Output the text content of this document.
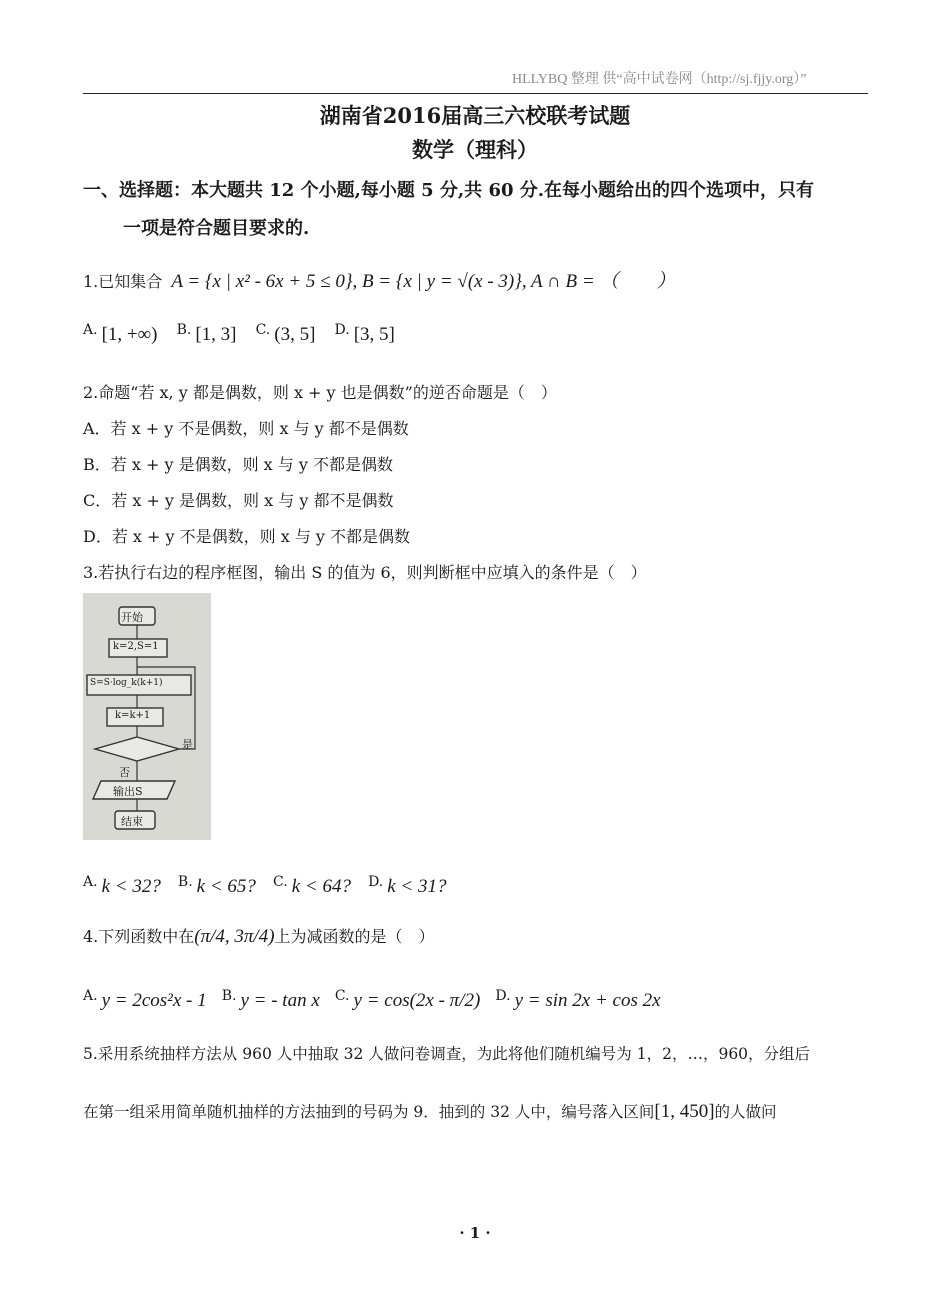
HLLYBQ 整理 供“高中试卷网（http://sj.fjjy.org）”
湖南省2016届高三六校联考试题
数学（理科）
一、选择题：本大题共 12 个小题,每小题 5 分,共 60 分.在每小题给出的四个选项中，只有
一项是符合题目要求的.
1.已知集合 A = {x | x² - 6x + 5 ≤ 0}, B = {x | y = √(x - 3)}, A ∩ B = （　　）
A. [1, +∞) B. [1, 3] C. (3, 5] D. [3, 5]
2.命题“若 x, y 都是偶数，则 x + y 也是偶数”的逆否命题是（　）
A．若 x + y 不是偶数，则 x 与 y 都不是偶数
B．若 x + y 是偶数，则 x 与 y 不都是偶数
C．若 x + y 是偶数，则 x 与 y 都不是偶数
D．若 x + y 不是偶数，则 x 与 y 不都是偶数
3.若执行右边的程序框图，输出 S 的值为 6，则判断框中应填入的条件是（　）
开始
k=2,S=1
S=S·log_k(k+1)
k=k+1
是
否
输出S
结束
A. k < 32? B. k < 65? C. k < 64? D. k < 31?
4.下列函数中在(π/4, 3π/4)上为减函数的是（　）
A. y = 2cos²x - 1 B. y = - tan x C. y = cos(2x - π/2) D. y = sin 2x + cos 2x
5.采用系统抽样方法从 960 人中抽取 32 人做问卷调查，为此将他们随机编号为 1，2，…，960，分组后
在第一组采用简单随机抽样的方法抽到的号码为 9．抽到的 32 人中，编号落入区间[1, 450]的人做问
· 1 ·
